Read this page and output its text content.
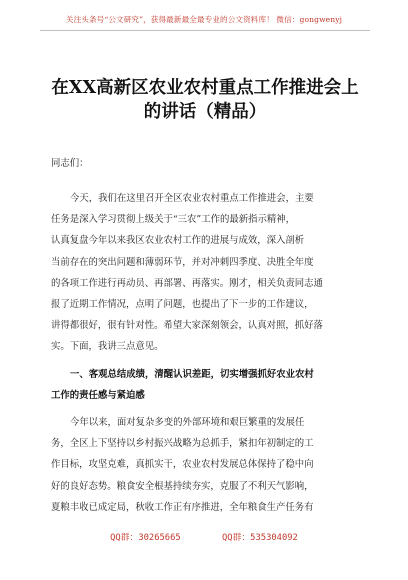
关注头条号“公文研究”，获得最新最全最专业的公文资料库！ 微信：gongwenyj
在XX高新区农业农村重点工作推进会上
的讲话（精品）
同志们：
今天，我们在这里召开全区农业农村重点工作推进会，主要
任务是深入学习贯彻上级关于“三农”工作的最新指示精神，
认真复盘今年以来我区农业农村工作的进展与成效，深入剖析
当前存在的突出问题和薄弱环节，并对冲刺四季度、决胜全年度
的各项工作进行再动员、再部署、再落实。刚才，相关负责同志通
报了近期工作情况，点明了问题，也提出了下一步的工作建议，
讲得都很好，很有针对性。希望大家深刻领会，认真对照，抓好落
实。下面，我讲三点意见。
一、客观总结成绩，清醒认识差距，切实增强抓好农业农村
工作的责任感与紧迫感
今年以来，面对复杂多变的外部环境和艰巨繁重的发展任
务，全区上下坚持以乡村振兴战略为总抓手，紧扣年初制定的工
作目标，攻坚克难，真抓实干，农业农村发展总体保持了稳中向
好的良好态势。粮食安全根基持续夯实，克服了不利天气影响，
夏粮丰收已成定局，秋收工作正有序推进，全年粮食生产任务有
QQ群：30265665	QQ群：535304092
